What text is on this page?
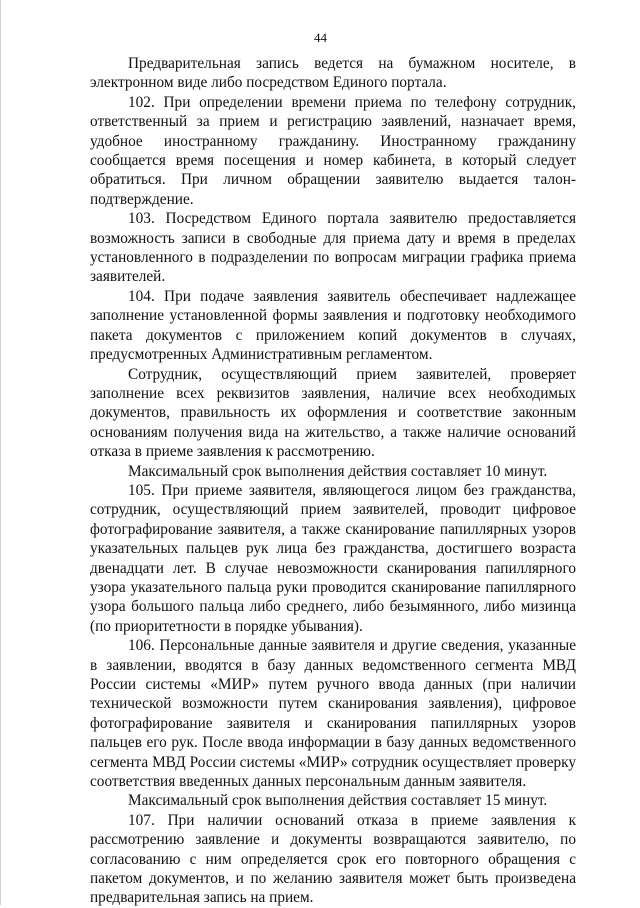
44

Предварительная запись ведется на бумажном носителе, в электронном виде либо посредством Единого портала.

102. При определении времени приема по телефону сотрудник, ответственный за прием и регистрацию заявлений, назначает время, удобное иностранному гражданину. Иностранному гражданину сообщается время посещения и номер кабинета, в который следует обратиться. При личном обращении заявителю выдается талон-подтверждение.

103. Посредством Единого портала заявителю предоставляется возможность записи в свободные для приема дату и время в пределах установленного в подразделении по вопросам миграции графика приема заявителей.

104. При подаче заявления заявитель обеспечивает надлежащее заполнение установленной формы заявления и подготовку необходимого пакета документов с приложением копий документов в случаях, предусмотренных Административным регламентом.

Сотрудник, осуществляющий прием заявителей, проверяет заполнение всех реквизитов заявления, наличие всех необходимых документов, правильность их оформления и соответствие законным основаниям получения вида на жительство, а также наличие оснований отказа в приеме заявления к рассмотрению.

Максимальный срок выполнения действия составляет 10 минут.

105. При приеме заявителя, являющегося лицом без гражданства, сотрудник, осуществляющий прием заявителей, проводит цифровое фотографирование заявителя, а также сканирование папиллярных узоров указательных пальцев рук лица без гражданства, достигшего возраста двенадцати лет. В случае невозможности сканирования папиллярного узора указательного пальца руки проводится сканирование папиллярного узора большого пальца либо среднего, либо безымянного, либо мизинца (по приоритетности в порядке убывания).

106. Персональные данные заявителя и другие сведения, указанные в заявлении, вводятся в базу данных ведомственного сегмента МВД России системы «МИР» путем ручного ввода данных (при наличии технической возможности путем сканирования заявления), цифровое фотографирование заявителя и сканирования папиллярных узоров пальцев его рук. После ввода информации в базу данных ведомственного сегмента МВД России системы «МИР» сотрудник осуществляет проверку соответствия введенных данных персональным данным заявителя.

Максимальный срок выполнения действия составляет 15 минут.

107. При наличии оснований отказа в приеме заявления к рассмотрению заявление и документы возвращаются заявителю, по согласованию с ним определяется срок его повторного обращения с пакетом документов, и по желанию заявителя может быть произведена предварительная запись на прием.
